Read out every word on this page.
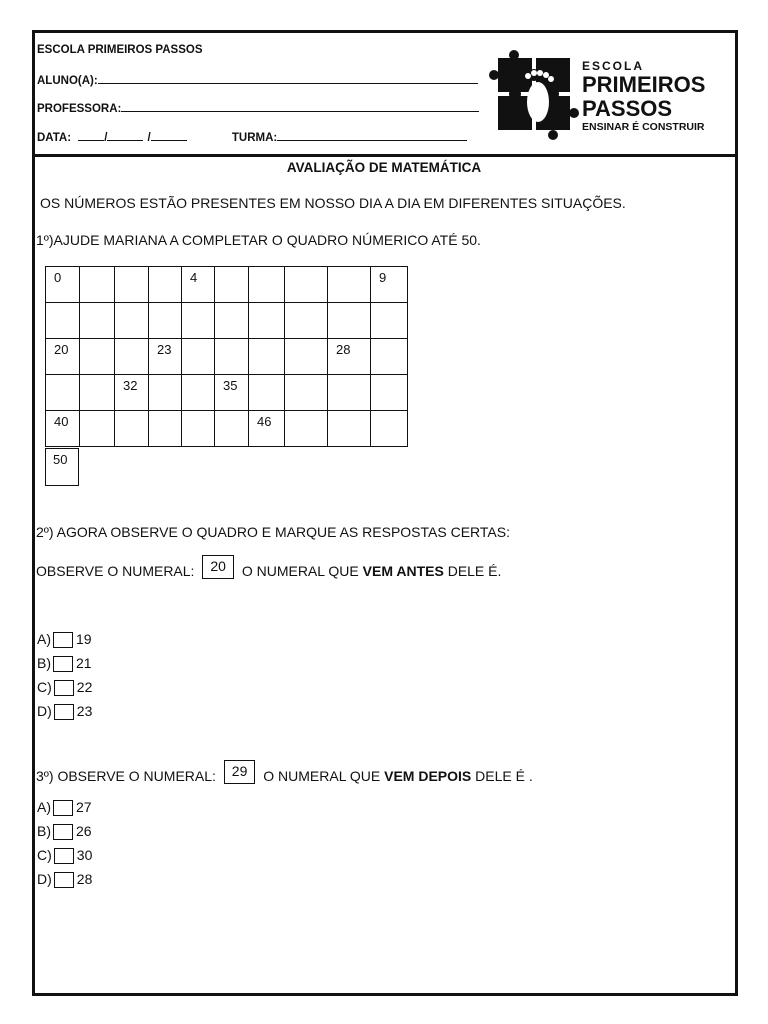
ESCOLA PRIMEIROS PASSOS
ALUNO(A):
PROFESSORA:
DATA:	/	/	TURMA:
ESCOLA
PRIMEIROS
PASSOS
ENSINAR É CONSTRUIR
AVALIAÇÃO DE MATEMÁTICA
OS NÚMEROS ESTÃO PRESENTES EM NOSSO DIA A DIA EM DIFERENTES SITUAÇÕES.
1º)AJUDE MARIANA A COMPLETAR O QUADRO NÚMERICO ATÉ 50.
0				4					9

20			23					28	

		32			35				

40						46			

50
2º) AGORA OBSERVE O QUADRO E MARQUE AS RESPOSTAS CERTAS:
OBSERVE O NUMERAL: 20 O NUMERAL QUE VEM ANTES DELE É.
A) 19
B) 21
C) 22
D) 23
3º) OBSERVE O NUMERAL: 29 O NUMERAL QUE VEM DEPOIS DELE É .
A) 27
B) 26
C) 30
D) 28
